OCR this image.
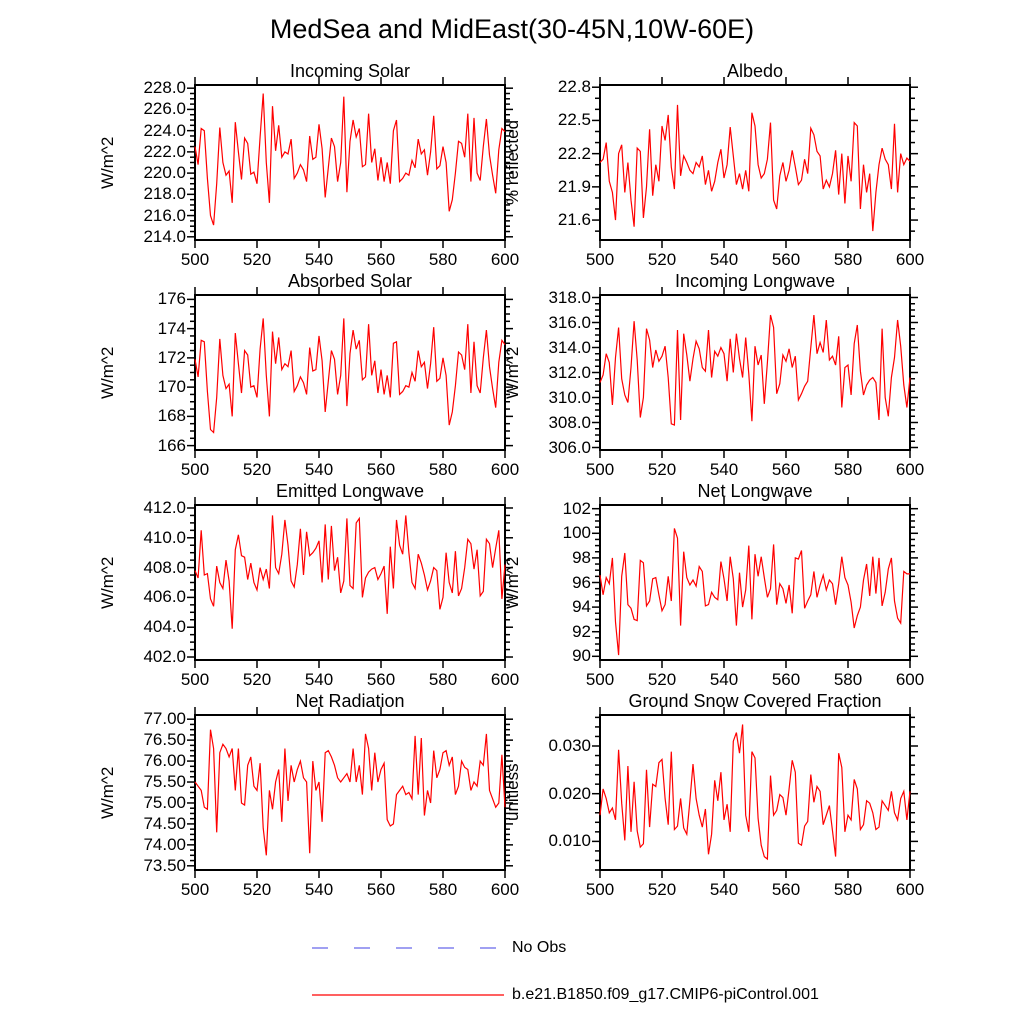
MedSea and MidEast(30-45N,10W-60E)
Incoming Solar
W/m^2
228.0
226.0
224.0
222.0
220.0
218.0
216.0
214.0
500	520	540	560	580	600
Albedo
% reflected
22.8
22.5
22.2
21.9
21.6
500	520	540	560	580	600
Absorbed Solar
W/m^2
176
174
172
170
168
166
500	520	540	560	580	600
Incoming Longwave
W/m^2
318.0
316.0
314.0
312.0
310.0
308.0
306.0
500	520	540	560	580	600
Emitted Longwave
W/m^2
412.0
410.0
408.0
406.0
404.0
402.0
500	520	540	560	580	600
Net Longwave
W/m^2
102
100
98
96
94
92
90
500	520	540	560	580	600
Net Radiation
W/m^2
77.00
76.50
76.00
75.50
75.00
74.50
74.00
73.50
500	520	540	560	580	600
Ground Snow Covered Fraction
unitless
0.030
0.020
0.010
500	520	540	560	580	600
No Obs
b.e21.B1850.f09_g17.CMIP6-piControl.001
